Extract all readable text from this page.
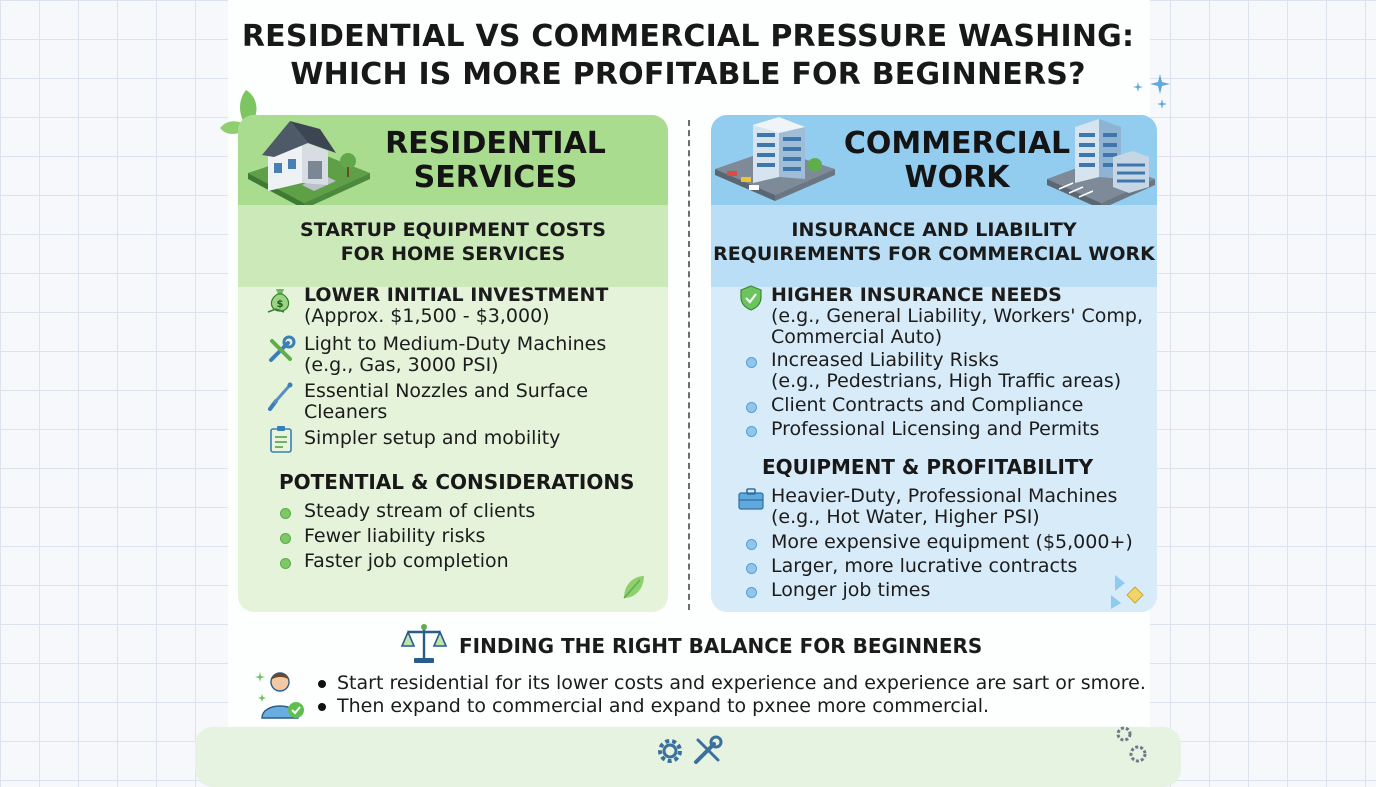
RESIDENTIAL VS COMMERCIAL PRESSURE WASHING:
WHICH IS MORE PROFITABLE FOR BEGINNERS?
RESIDENTIAL
SERVICES
STARTUP EQUIPMENT COSTS
FOR HOME SERVICES
$ LOWER INITIAL INVESTMENT
(Approx. $1,500 - $3,000)
Light to Medium-Duty Machines
(e.g., Gas, 3000 PSI)
Essential Nozzles and Surface
Cleaners
Simpler setup and mobility
POTENTIAL & CONSIDERATIONS
Steady stream of clients
Fewer liability risks
Faster job completion
COMMERCIAL
WORK
INSURANCE AND LIABILITY
REQUIREMENTS FOR COMMERCIAL WORK
HIGHER INSURANCE NEEDS
(e.g., General Liability, Workers' Comp,
Commercial Auto)
Increased Liability Risks
(e.g., Pedestrians, High Traffic areas)
Client Contracts and Compliance
Professional Licensing and Permits
EQUIPMENT & PROFITABILITY
Heavier-Duty, Professional Machines
(e.g., Hot Water, Higher PSI)
More expensive equipment ($5,000+)
Larger, more lucrative contracts
Longer job times
FINDING THE RIGHT BALANCE FOR BEGINNERS
Start residential for its lower costs and experience and experience are sart or smore.
Then expand to commercial and expand to pxnee more commercial.
